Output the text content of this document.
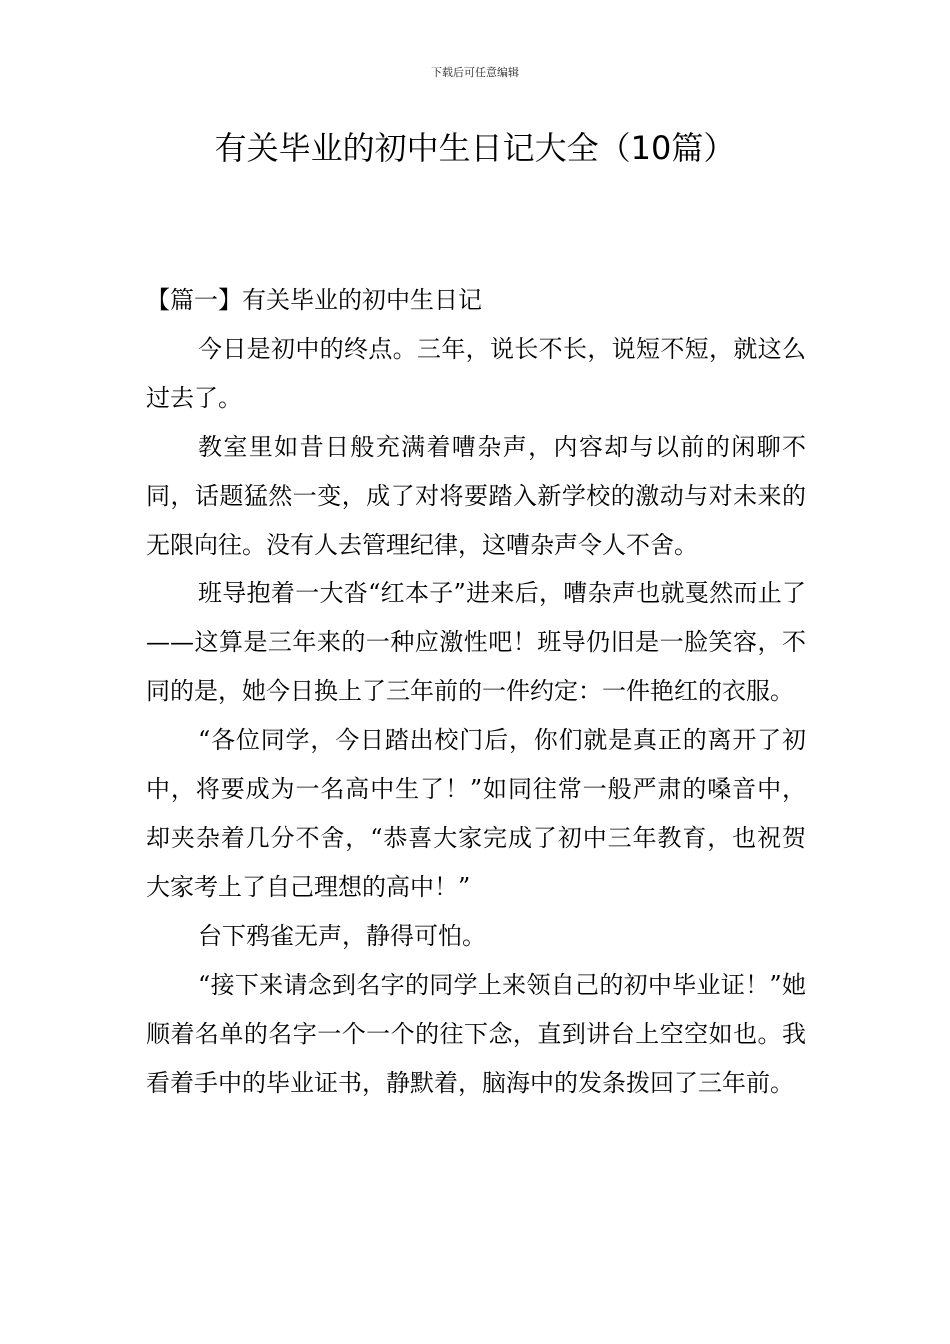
下载后可任意编辑
有关毕业的初中生日记大全（10篇）
【篇一】有关毕业的初中生日记

今日是初中的终点。三年，说长不长，说短不短，就这么过去了。

教室里如昔日般充满着嘈杂声，内容却与以前的闲聊不同，话题猛然一变，成了对将要踏入新学校的激动与对未来的无限向往。没有人去管理纪律，这嘈杂声令人不舍。

班导抱着一大沓“红本子”进来后，嘈杂声也就戛然而止了——这算是三年来的一种应激性吧！班导仍旧是一脸笑容，不同的是，她今日换上了三年前的一件约定：一件艳红的衣服。

“各位同学，今日踏出校门后，你们就是真正的离开了初中，将要成为一名高中生了！”如同往常一般严肃的嗓音中，却夹杂着几分不舍，“恭喜大家完成了初中三年教育，也祝贺大家考上了自己理想的高中！”

台下鸦雀无声，静得可怕。

“接下来请念到名字的同学上来领自己的初中毕业证！”她顺着名单的名字一个一个的往下念，直到讲台上空空如也。我看着手中的毕业证书，静默着，脑海中的发条拨回了三年前。
